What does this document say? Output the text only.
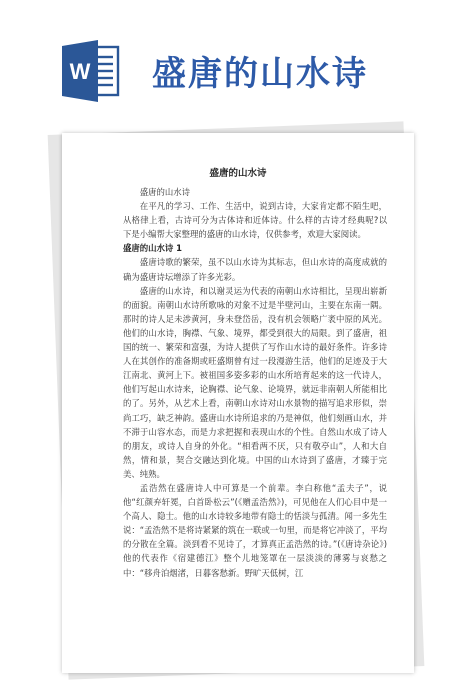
W 盛唐的山水诗
盛唐的山水诗

盛唐的山水诗

在平凡的学习、工作、生活中，说到古诗，大家肯定都不陌生吧，从格律上看，古诗可分为古体诗和近体诗。什么样的古诗才经典呢?以下是小编帮大家整理的盛唐的山水诗，仅供参考，欢迎大家阅读。

盛唐的山水诗 1

盛唐诗歌的繁荣，虽不以山水诗为其标志，但山水诗的高度成就的确为盛唐诗坛增添了许多光彩。

盛唐的山水诗，和以谢灵运为代表的南朝山水诗相比，呈现出崭新的面貌。南朝山水诗所歌咏的对象不过是半壁河山，主要在东南一隅。那时的诗人足未涉黄河，身未登岱岳，没有机会领略广袤中原的风光。他们的山水诗，胸襟、气象、境界，都受到很大的局限。到了盛唐，祖国的统一、繁荣和富强，为诗人提供了写作山水诗的最好条件。许多诗人在其创作的准备期或旺盛期曾有过一段漫游生活，他们的足迹及于大江南北、黄河上下。被祖国多姿多彩的山水所培育起来的这一代诗人，他们写起山水诗来，论胸襟、论气象、论境界，就远非南朝人所能相比的了。另外，从艺术上看，南朝山水诗对山水景物的描写追求形似，崇尚工巧，缺乏神韵。盛唐山水诗所追求的乃是神似，他们刻画山水，并不滞于山容水态，而是力求把握和表现山水的个性。自然山水成了诗人的朋友，或诗人自身的外化。“相看两不厌，只有敬亭山”，人和大自然，情和景，契合交融达到化境。中国的山水诗到了盛唐，才臻于完美、纯熟。

孟浩然在盛唐诗人中可算是一个前辈。李白称他“孟夫子”，说他“红颜弃轩冕，白首卧松云”(《赠孟浩然》)，可见他在人们心目中是一个高人、隐士。他的山水诗较多地带有隐士的恬淡与孤清。闻一多先生说：“孟浩然不是将诗紧紧的筑在一联或一句里，而是将它冲淡了，平均的分散在全篇。淡到看不见诗了，才算真正孟浩然的诗。”(《唐诗杂论》)他的代表作《宿建德江》整个儿地笼罩在一层淡淡的薄雾与哀愁之中：“移舟泊烟渚，日暮客愁新。野旷天低树，江
